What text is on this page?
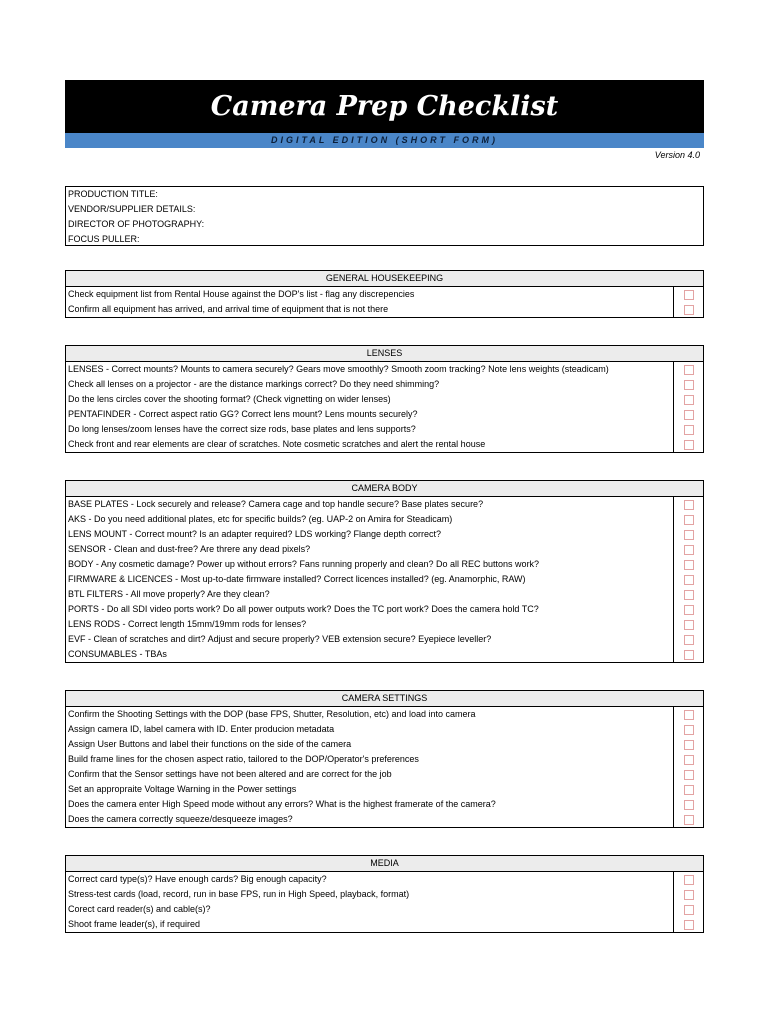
Camera Prep Checklist
DIGITAL EDITION (SHORT FORM)
Version 4.0
PRODUCTION TITLE:
VENDOR/SUPPLIER DETAILS:
DIRECTOR OF PHOTOGRAPHY:
FOCUS PULLER:
GENERAL HOUSEKEEPING
Check equipment list from Rental House against the DOP's list - flag any discrepencies
Confirm all equipment has arrived, and arrival time of equipment that is not there
LENSES
LENSES - Correct mounts? Mounts to camera securely? Gears move smoothly? Smooth zoom tracking? Note lens weights (steadicam)
Check all lenses on a projector - are the distance markings correct? Do they need shimming?
Do the lens circles cover the shooting format? (Check vignetting on wider lenses)
PENTAFINDER - Correct aspect ratio GG? Correct lens mount? Lens mounts securely?
Do long lenses/zoom lenses have the correct size rods, base plates and lens supports?
Check front and rear elements are clear of scratches. Note cosmetic scratches and alert the rental house
CAMERA BODY
BASE PLATES - Lock securely and release? Camera cage and top handle secure? Base plates secure?
AKS - Do you need additional plates, etc for specific builds? (eg. UAP-2 on Amira for Steadicam)
LENS MOUNT - Correct mount? Is an adapter required? LDS working? Flange depth correct?
SENSOR - Clean and dust-free? Are threre any dead pixels?
BODY - Any cosmetic damage? Power up without errors? Fans running properly and clean? Do all REC buttons work?
FIRMWARE & LICENCES - Most up-to-date firmware installed? Correct licences installed? (eg. Anamorphic, RAW)
BTL FILTERS - All move properly? Are they clean?
PORTS - Do all SDI video ports work? Do all power outputs work? Does the TC port work? Does the camera hold TC?
LENS RODS - Correct length 15mm/19mm rods for lenses?
EVF - Clean of scratches and dirt? Adjust and secure properly? VEB extension secure? Eyepiece leveller?
CONSUMABLES - TBAs
CAMERA SETTINGS
Confirm the Shooting Settings with the DOP (base FPS, Shutter, Resolution, etc) and load into camera
Assign camera ID, label camera with ID. Enter producion metadata
Assign User Buttons and label their functions on the side of the camera
Build frame lines for the chosen aspect ratio, tailored to the DOP/Operator's preferences
Confirm that the Sensor settings have not been altered and are correct for the job
Set an appropraite Voltage Warning in the Power settings
Does the camera enter High Speed mode without any errors? What is the highest framerate of the camera?
Does the camera correctly squeeze/desqueeze images?
MEDIA
Correct card type(s)? Have enough cards? Big enough capacity?
Stress-test cards (load, record, run in base FPS, run in High Speed, playback, format)
Corect card reader(s) and cable(s)?
Shoot frame leader(s), if required
